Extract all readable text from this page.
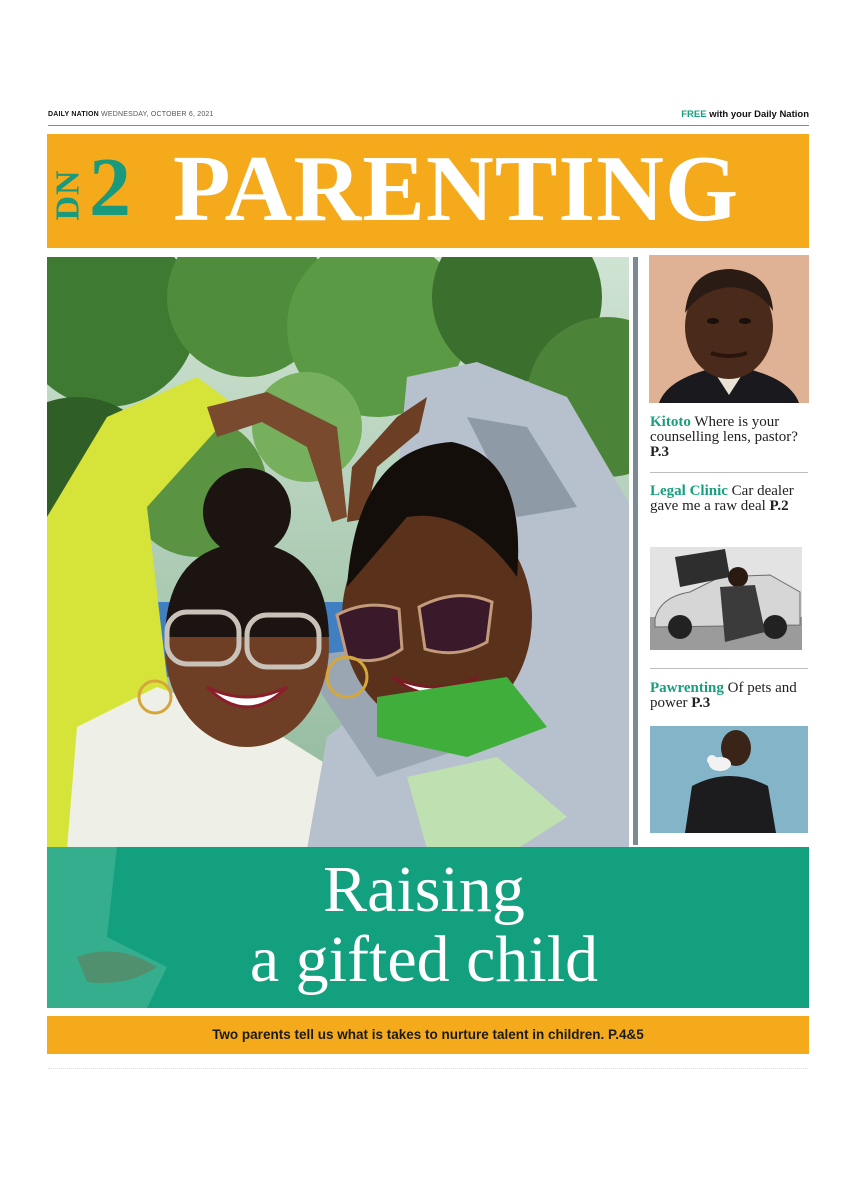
DAILY NATION WEDNESDAY, OCTOBER 6, 2021	FREE with your Daily Nation
DN 2 PARENTING
Kitoto Where is your counselling lens, pastor? P.3
Legal Clinic Car dealer gave me a raw deal P.2
Pawrenting Of pets and power P.3
Raising
a gifted child
Two parents tell us what is takes to nurture talent in children. P.4&5
